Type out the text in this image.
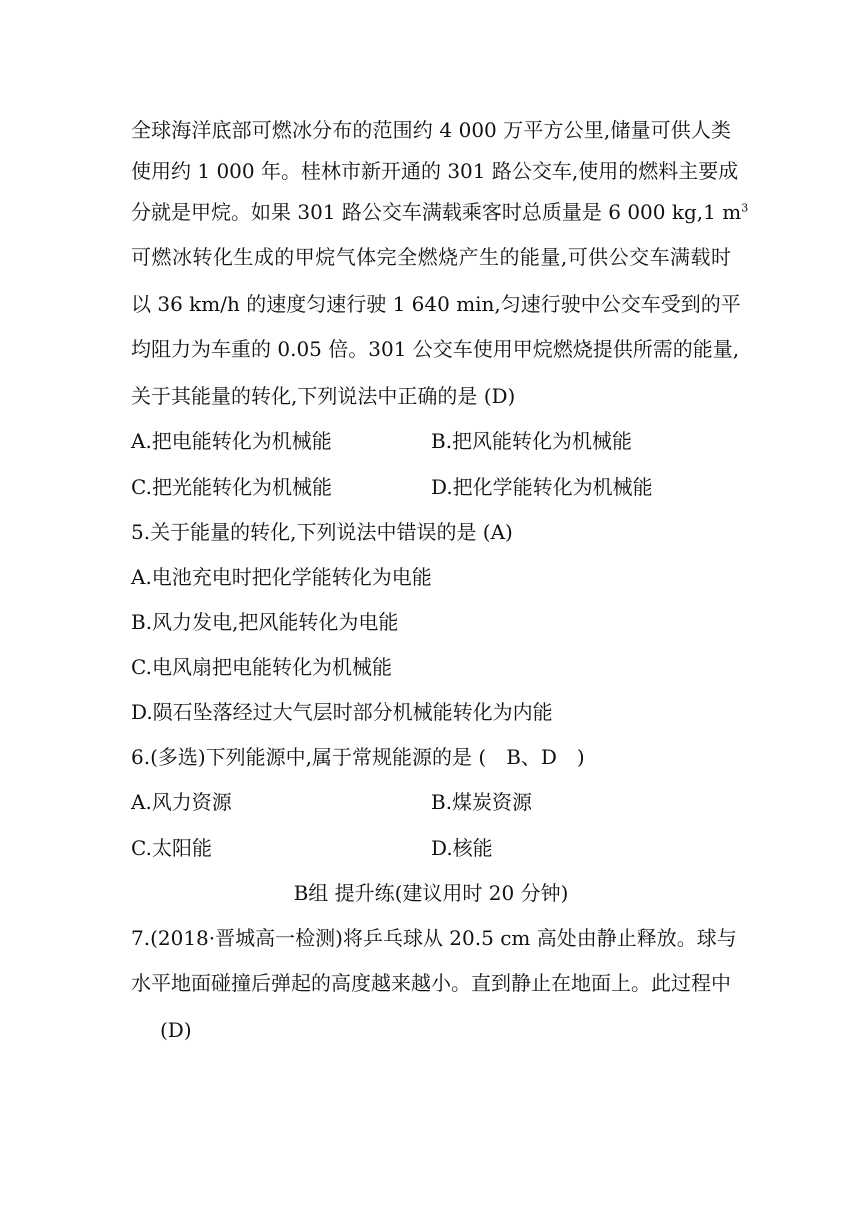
全球海洋底部可燃冰分布的范围约 4 000 万平方公里,储量可供人类
使用约 1 000 年。桂林市新开通的 301 路公交车,使用的燃料主要成
分就是甲烷。如果 301 路公交车满载乘客时总质量是 6 000 kg,1 $m^3$
可燃冰转化生成的甲烷气体完全燃烧产生的能量,可供公交车满载时
以 36 km/h 的速度匀速行驶 1 640 min,匀速行驶中公交车受到的平
均阻力为车重的 0.05 倍。301 公交车使用甲烷燃烧提供所需的能量,
关于其能量的转化,下列说法中正确的是 (D)
A.把电能转化为机械能	B.把风能转化为机械能
C.把光能转化为机械能	D.把化学能转化为机械能
5.关于能量的转化,下列说法中错误的是 (A)
A.电池充电时把化学能转化为电能
B.风力发电,把风能转化为电能
C.电风扇把电能转化为机械能
D.陨石坠落经过大气层时部分机械能转化为内能
6.(多选)下列能源中,属于常规能源的是 (　B、D　)
A.风力资源	B.煤炭资源
C.太阳能	D.核能
B组 提升练(建议用时 20 分钟)
7.(2018·晋城高一检测)将乒乓球从 20.5 cm 高处由静止释放。球与
水平地面碰撞后弹起的高度越来越小。直到静止在地面上。此过程中
(D)
